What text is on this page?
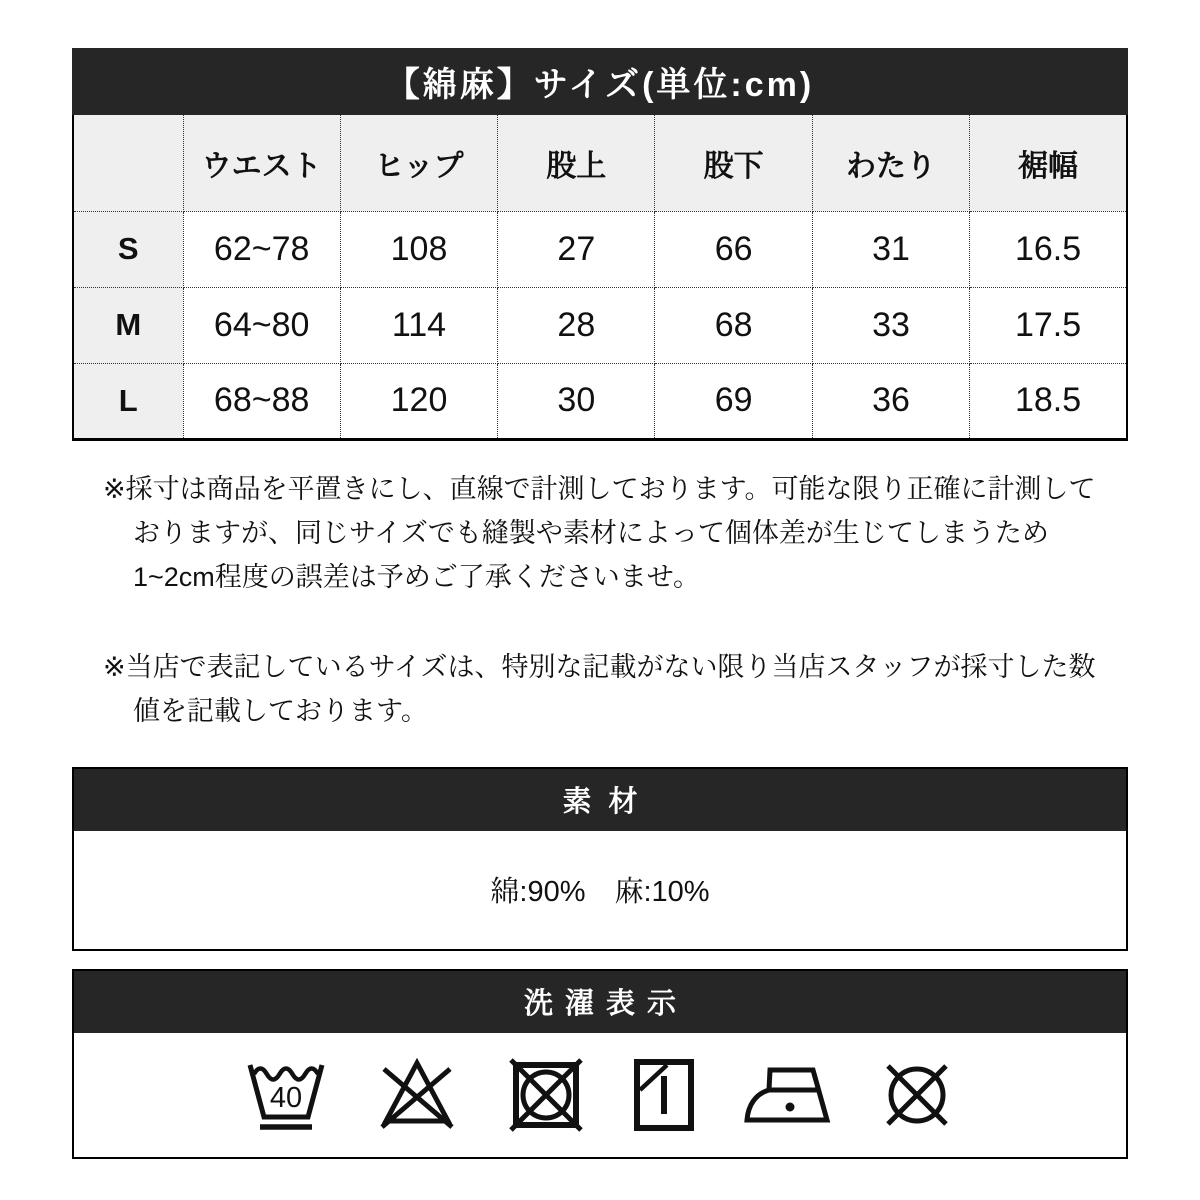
【綿麻】サイズ(単位:cm)
	ウエスト	ヒップ	股上	股下	わたり	裾幅
S	62~78	108	27	66	31	16.5
M	64~80	114	28	68	33	17.5
L	68~88	120	30	69	36	18.5

※採寸は商品を平置きにし、直線で計測しております。可能な限り正確に計測しておりますが、同じサイズでも縫製や素材によって個体差が生じてしまうため1~2cm程度の誤差は予めご了承くださいませ。

※当店で表記しているサイズは、特別な記載がない限り当店スタッフが採寸した数値を記載しております。

素材
綿:90%　麻:10%
洗濯表示
40
